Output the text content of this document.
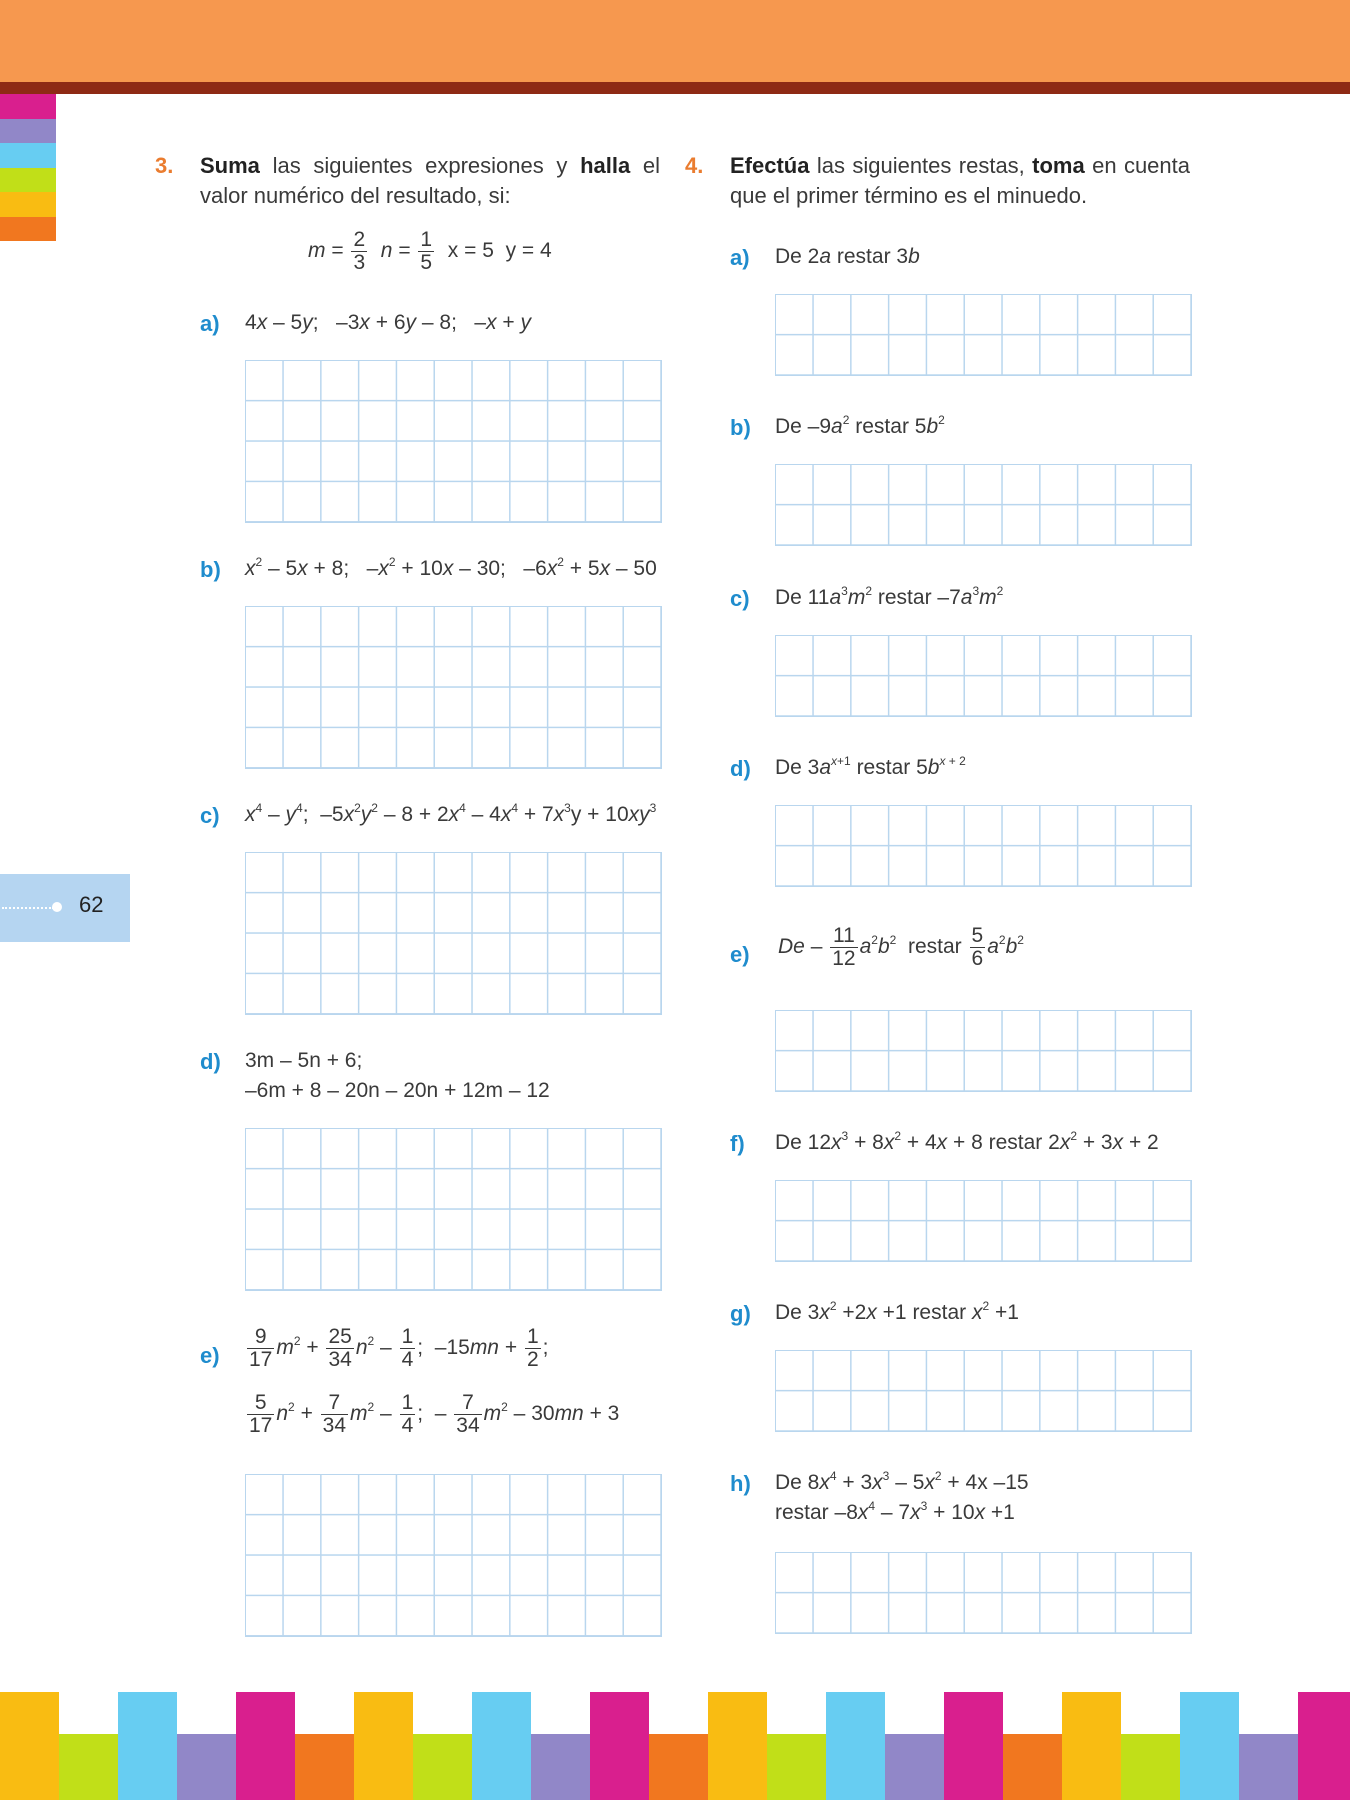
62
3. Suma las siguientes expresiones y halla el valor numérico del resultado, si:
$m = \frac{2}{3}$ $n = \frac{1}{5}$ x = 5 y = 4
a) 4x – 5y;   –3x + 6y – 8;   –x + y
b) $x^2 - 5x + 8$;   $-x^2 + 10x - 30$;   $-6x^2 + 5x - 50$
c) $x^4 - y^4$;  $-5x^2y^2 - 8 + 2x^4 - 4x^4 + 7x^3y + 10xy^3$
d) 3m – 5n + 6;
–6m + 8 – 20n – 20n + 12m – 12
$e) \frac{9}{17} m^2 + \frac{25}{34} n^2 - \frac{1}{4}$ ;  $-15mn + \frac{1}{2}$ ;
$\frac{5}{17} n^2 + \frac{7}{34} m^2 - \frac{1}{4}$ ;  – $\frac{7}{34} m^2 - 30mn + 3$
4. Efectúa las siguientes restas, toma en cuenta que el primer término es el minuedo.
a) De 2a restar 3b
b) De $-9a^2$ restar $5b^2$
c) De $11a^3m^2$ restar $-7a^3m^2$
d) De $3a^{x+1}$ restar $5b^{x + 2}$
e) De – $\frac{11}{12} a^2b^2$  restar $\frac{5}{6} a^2b^2$
f) De $12x^3 + 8x^2 + 4x + 8$ restar $2x^2 + 3x + 2$
g) De $3x^2 +2x +1$ restar $x^2 +1$
h) De $8x^4 + 3x^3 - 5x^2 + 4x$ –15
restar $-8x^4 - 7x^3 + 10x +1$
